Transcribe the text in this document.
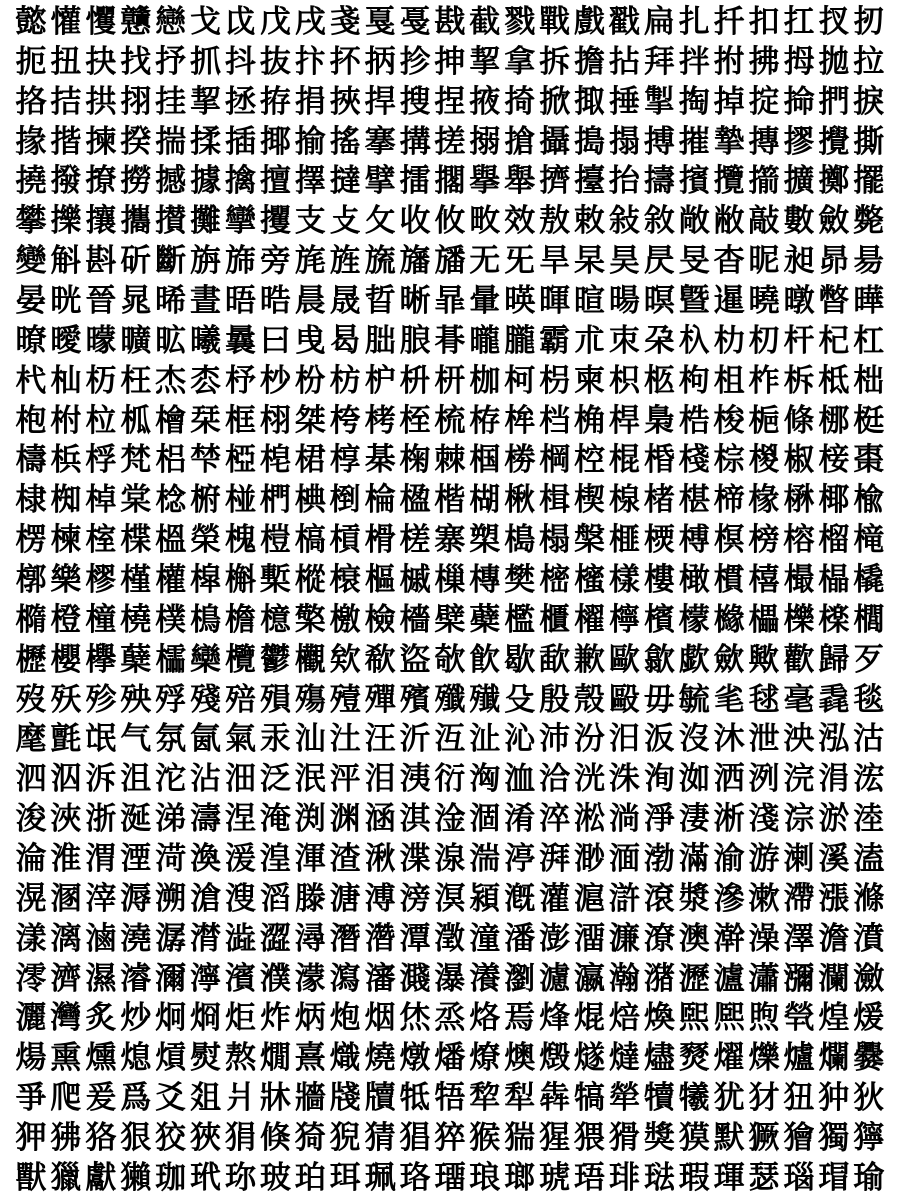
懿 懽 戄 戇 戀 戈 戉 戊 戌 戔 戛 戞 戡 截 戮 戰 戲 戳 扁 扎 扦 扣 扛 扠 扨
扼 扭 抉 找 抒 抓 抖 抜 抃 抔 抦 抮 抻 挈 拿 拆 擔 拈 拜 拌 拊 拂 拇 拋 拉
挌 拮 拱 挧 挂 挈 拯 拵 捐 挾 捍 搜 捏 掖 掎 掀 掫 捶 掣 掏 掉 掟 掵 捫 捩
掾 揩 揀 揆 揣 揉 插 揶 揄 搖 搴 搆 搓 搦 搶 攝 搗 搨 搏 摧 摯 摶 摎 攪 撕
撓 撥 撩 撈 撼 據 擒 擅 擇 撻 擘 擂 擱 擧 舉 擠 擡 抬 擣 擯 攬 擶 擴 擲 擺
攀 擽 攘 攜 攅 攤 攣 攫 支 攴 攵 收 攸 畋 效 敖 敕 敍 敘 敞 敝 敲 數 斂 斃
變 斛 斟 斫 斷 旃 旆 旁 旄 旌 旒 旛 旙 无 旡 旱 杲 昊 昃 旻 杳 昵 昶 昴 昜
晏 晄 晉 晁 晞 晝 晤 晧 晨 晟 晢 晰 暃 暈 暎 暉 暄 暘 暝 曁 暹 曉 暾 暼 曄
暸 曖 曚 曠 昿 曦 曩 曰 曵 曷 朏 朖 朞 曨 朧 霸 朮 朿 朶 杁 朸 朷 杆 杞 杠
杙 杣 杤 枉 杰 枩 杼 杪 枌 枋 枦 枡 枅 枷 柯 枴 柬 枳 柩 枸 柤 柞 柝 柢 柮
枹 柎 柆 柧 檜 栞 框 栩 桀 桍 栲 桎 梳 栫 桙 档 桷 桿 梟 梏 梭 梔 條 梛 梃
檮 梹 桴 梵 梠 梺 椏 梍 桾 椁 棊 椈 棘 椢 椦 棡 椌 棍 棔 棧 棕 椶 椒 椄 棗
棣 椥 棹 棠 棯 椨 椪 椚 椣 椡 棆 楹 楷 楜 楸 楫 楔 楾 楮 椹 楴 椽 楙 椰 楡
楞 楝 榁 楪 榲 榮 槐 榿 槁 槓 榾 槎 寨 槊 槝 榻 槃 榧 樮 榑 榠 榜 榕 榴 槞
槨 樂 樛 槿 權 槹 槲 槧 樅 榱 樞 槭 樔 槫 樊 樒 櫁 樣 樓 橄 樌 橲 樶 橸 橇
橢 橙 橦 橈 樸 樢 檐 檍 檠 檄 檢 檣 檗 蘗 檻 櫃 櫂 檸 檳 檬 櫞 櫑 櫟 檪 櫚
櫪 櫻 欅 蘖 櫺 欒 欖 鬱 欟 欸 欷 盜 欹 飮 歇 歃 歉 歐 歙 歔 歛 歟 歡 歸 歹
歿 殀 殄 殃 殍 殘 殕 殞 殤 殪 殫 殯 殲 殱 殳 殷 殼 毆 毋 毓 毟 毬 毫 毳 毯
麾 氈 氓 气 氛 氤 氣 汞 汕 汢 汪 沂 沍 沚 沁 沛 汾 汨 汳 沒 沐 泄 泱 泓 沽
泗 泅 泝 沮 沱 沾 沺 泛 泯 泙 泪 洟 衍 洶 洫 洽 洸 洙 洵 洳 洒 洌 浣 涓 浤
浚 浹 浙 涎 涕 濤 涅 淹 渕 渊 涵 淇 淦 涸 淆 淬 淞 淌 淨 淒 淅 淺 淙 淤 淕
淪 淮 渭 湮 渮 渙 湲 湟 渾 渣 湫 渫 湶 湍 渟 湃 渺 湎 渤 滿 渝 游 溂 溪 溘
滉 溷 滓 溽 溯 滄 溲 滔 滕 溏 溥 滂 溟 潁 漑 灌 滬 滸 滾 漿 滲 漱 滯 漲 滌
漾 漓 滷 澆 潺 潸 澁 澀 潯 潛 濳 潭 澂 潼 潘 澎 澑 濂 潦 澳 澣 澡 澤 澹 濆
澪 濟 濕 濬 濔 濘 濱 濮 濛 瀉 瀋 濺 瀑 瀁 瀏 濾 瀛 瀚 潴 瀝 瀘 瀟 瀰 瀾 瀲
灑 灣 炙 炒 炯 烱 炬 炸 炳 炮 烟 烋 烝 烙 焉 烽 焜 焙 煥 煕 熈 煦 煢 煌 煖
煬 熏 燻 熄 熕 熨 熬 燗 熹 熾 燒 燉 燔 燎 燠 燬 燧 燵 燼 燹 燿 爍 爐 爛 爨
爭 爬 爰 爲 爻 爼 爿 牀 牆 牋 牘 牴 牾 犂 犁 犇 犒 犖 犢 犧 犹 犲 狃 狆 狄
狎 狒 狢 狠 狡 狹 狷 倏 猗 猊 猜 猖 猝 猴 猯 猩 猥 猾 獎 獏 默 獗 獪 獨 獰
獸 獵 獻 獺 珈 玳 珎 玻 珀 珥 珮 珞 璢 琅 瑯 琥 珸 琲 琺 瑕 琿 瑟 瑙 瑁 瑜
